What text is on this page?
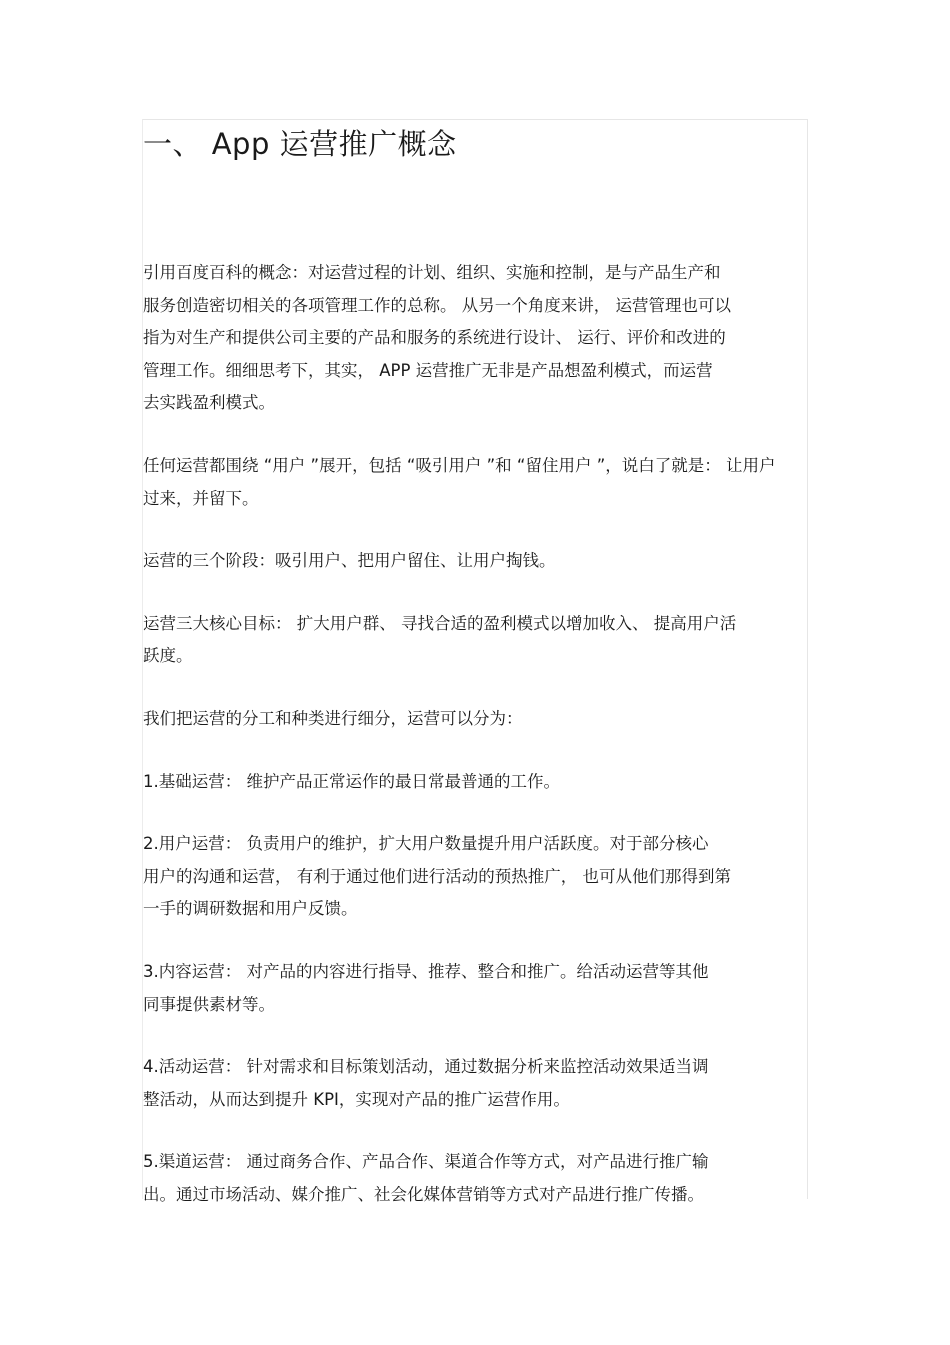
一、 App 运营推广概念

引用百度百科的概念：对运营过程的计划、组织、实施和控制，是与产品生产和
服务创造密切相关的各项管理工作的总称。 从另一个角度来讲， 运营管理也可以
指为对生产和提供公司主要的产品和服务的系统进行设计、 运行、评价和改进的
管理工作。细细思考下，其实， APP 运营推广无非是产品想盈利模式，而运营
去实践盈利模式。

任何运营都围绕 “用户 ”展开，包括 “吸引用户 ”和 “留住用户 ”，说白了就是： 让用户
过来，并留下。

运营的三个阶段：吸引用户、把用户留住、让用户掏钱。

运营三大核心目标： 扩大用户群、 寻找合适的盈利模式以增加收入、 提高用户活
跃度。

我们把运营的分工和种类进行细分，运营可以分为：

1.基础运营： 维护产品正常运作的最日常最普通的工作。

2.用户运营： 负责用户的维护，扩大用户数量提升用户活跃度。对于部分核心
用户的沟通和运营， 有利于通过他们进行活动的预热推广， 也可从他们那得到第
一手的调研数据和用户反馈。

3.内容运营： 对产品的内容进行指导、推荐、整合和推广。给活动运营等其他
同事提供素材等。

4.活动运营： 针对需求和目标策划活动，通过数据分析来监控活动效果适当调
整活动，从而达到提升 KPI，实现对产品的推广运营作用。

5.渠道运营： 通过商务合作、产品合作、渠道合作等方式，对产品进行推广输
出。通过市场活动、媒介推广、社会化媒体营销等方式对产品进行推广传播。
